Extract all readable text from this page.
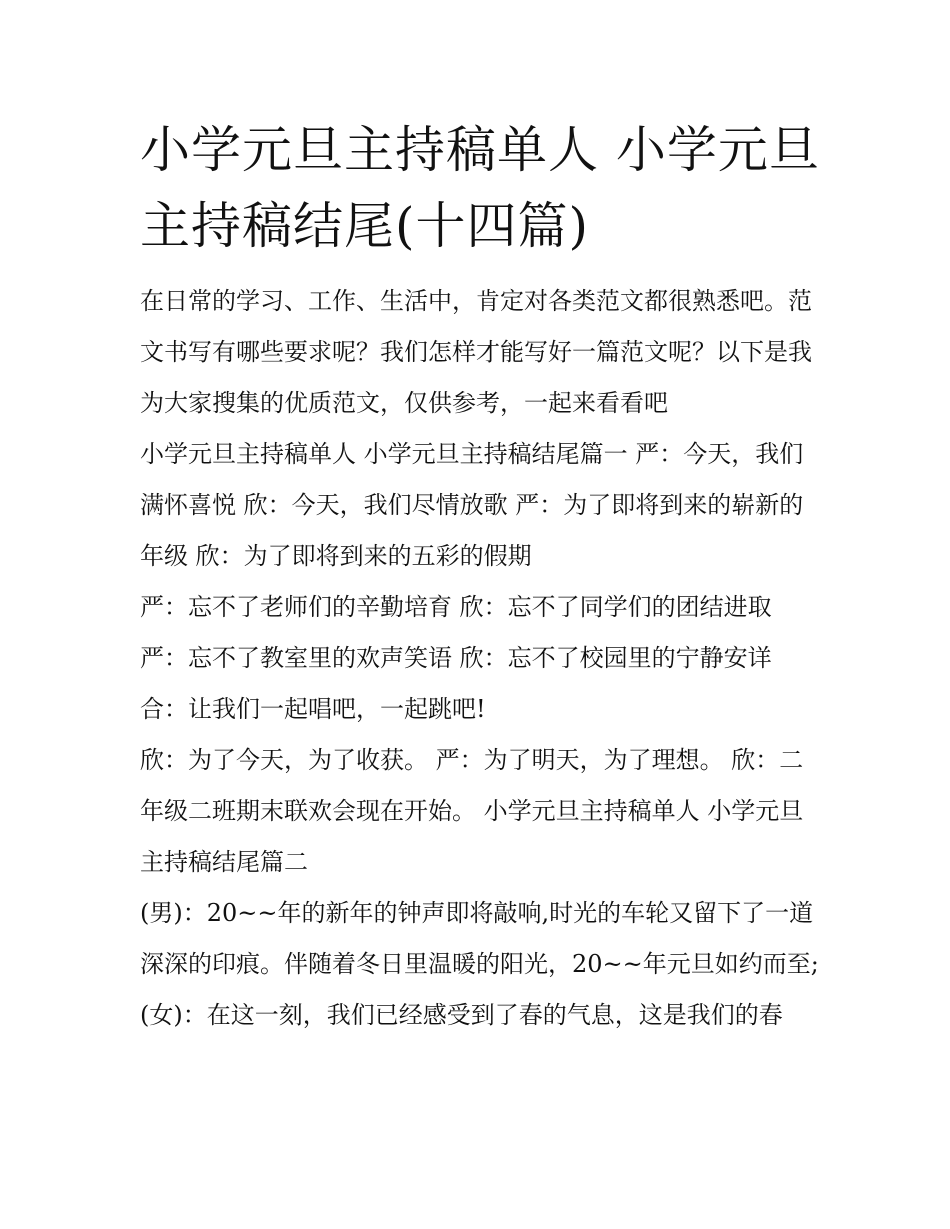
小学元旦主持稿单人 小学元旦
主持稿结尾(十四篇)

在日常的学习、工作、生活中，肯定对各类范文都很熟悉吧。范文书写有哪些要求呢？我们怎样才能写好一篇范文呢？以下是我为大家搜集的优质范文，仅供参考，一起来看看吧

小学元旦主持稿单人 小学元旦主持稿结尾篇一 严：今天，我们满怀喜悦 欣：今天，我们尽情放歌 严：为了即将到来的崭新的年级 欣：为了即将到来的五彩的假期

严：忘不了老师们的辛勤培育 欣：忘不了同学们的团结进取

严：忘不了教室里的欢声笑语 欣：忘不了校园里的宁静安详

合：让我们一起唱吧，一起跳吧!

欣：为了今天，为了收获。 严：为了明天，为了理想。 欣：二年级二班期末联欢会现在开始。 小学元旦主持稿单人 小学元旦主持稿结尾篇二

(男)：20~~年的新年的钟声即将敲响,时光的车轮又留下了一道深深的印痕。伴随着冬日里温暖的阳光，20~~年元旦如约而至;

(女)：在这一刻，我们已经感受到了春的气息，这是我们的春
